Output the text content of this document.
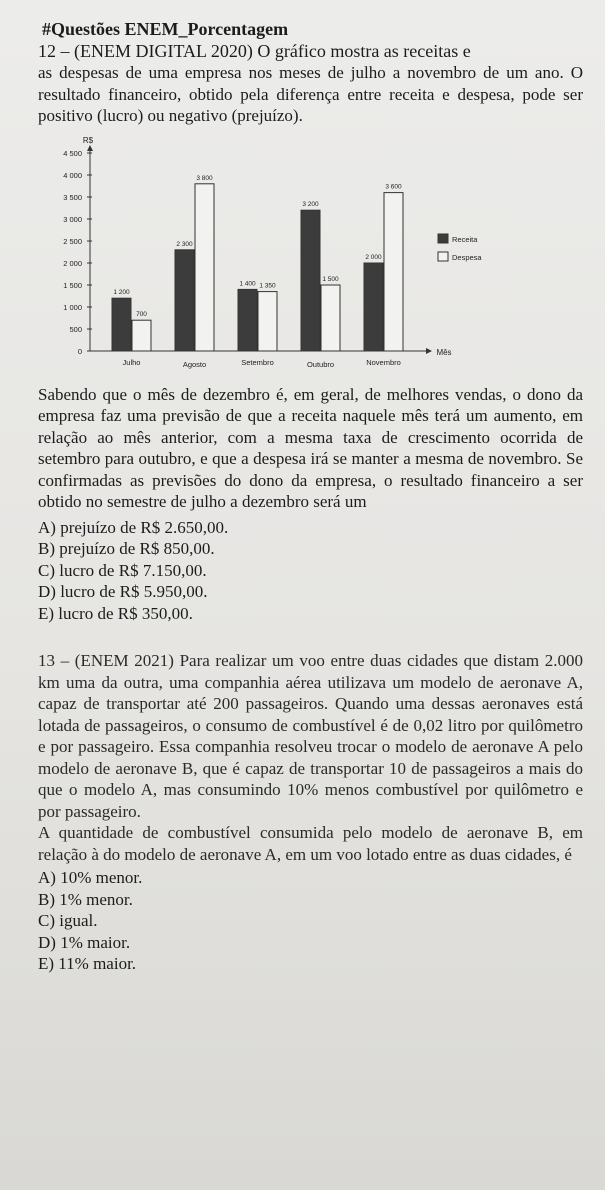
#Questões ENEM_Porcentagem
12 – (ENEM DIGITAL 2020) O gráfico mostra as receitas e

as despesas de uma empresa nos meses de julho a novembro de um ano. O resultado financeiro, obtido pela diferença entre receita e despesa, pode ser positivo (lucro) ou negativo (prejuízo).

R$
Mês
0
500
1 000
1 500
2 000
2 500
3 000
3 500
4 000
4 500
1 200
700
Julho
2 300
3 800
Agosto
1 400 1 350
Setembro
3 200
1 500
Outubro
2 000
3 600
Novembro
Receita
Despesa

Sabendo que o mês de dezembro é, em geral, de melhores vendas, o dono da empresa faz uma previsão de que a receita naquele mês terá um aumento, em relação ao mês anterior, com a mesma taxa de crescimento ocorrida de setembro para outubro, e que a despesa irá se manter a mesma de novembro. Se confirmadas as previsões do dono da empresa, o resultado financeiro a ser obtido no semestre de julho a dezembro será um

A) prejuízo de R$ 2.650,00.
B) prejuízo de R$ 850,00.
C) lucro de R$ 7.150,00.
D) lucro de R$ 5.950,00.
E) lucro de R$ 350,00.

13 – (ENEM 2021) Para realizar um voo entre duas cidades que distam 2.000 km uma da outra, uma companhia aérea utilizava um modelo de aeronave A, capaz de transportar até 200 passageiros. Quando uma dessas aeronaves está lotada de passageiros, o consumo de combustível é de 0,02 litro por quilômetro e por passageiro. Essa companhia resolveu trocar o modelo de aeronave A pelo modelo de aeronave B, que é capaz de transportar 10 de passageiros a mais do que o modelo A, mas consumindo 10% menos combustível por quilômetro e por passageiro.

A quantidade de combustível consumida pelo modelo de aeronave B, em relação à do modelo de aeronave A, em um voo lotado entre as duas cidades, é

A) 10% menor.
B) 1% menor.
C) igual.
D) 1% maior.
E) 11% maior.
